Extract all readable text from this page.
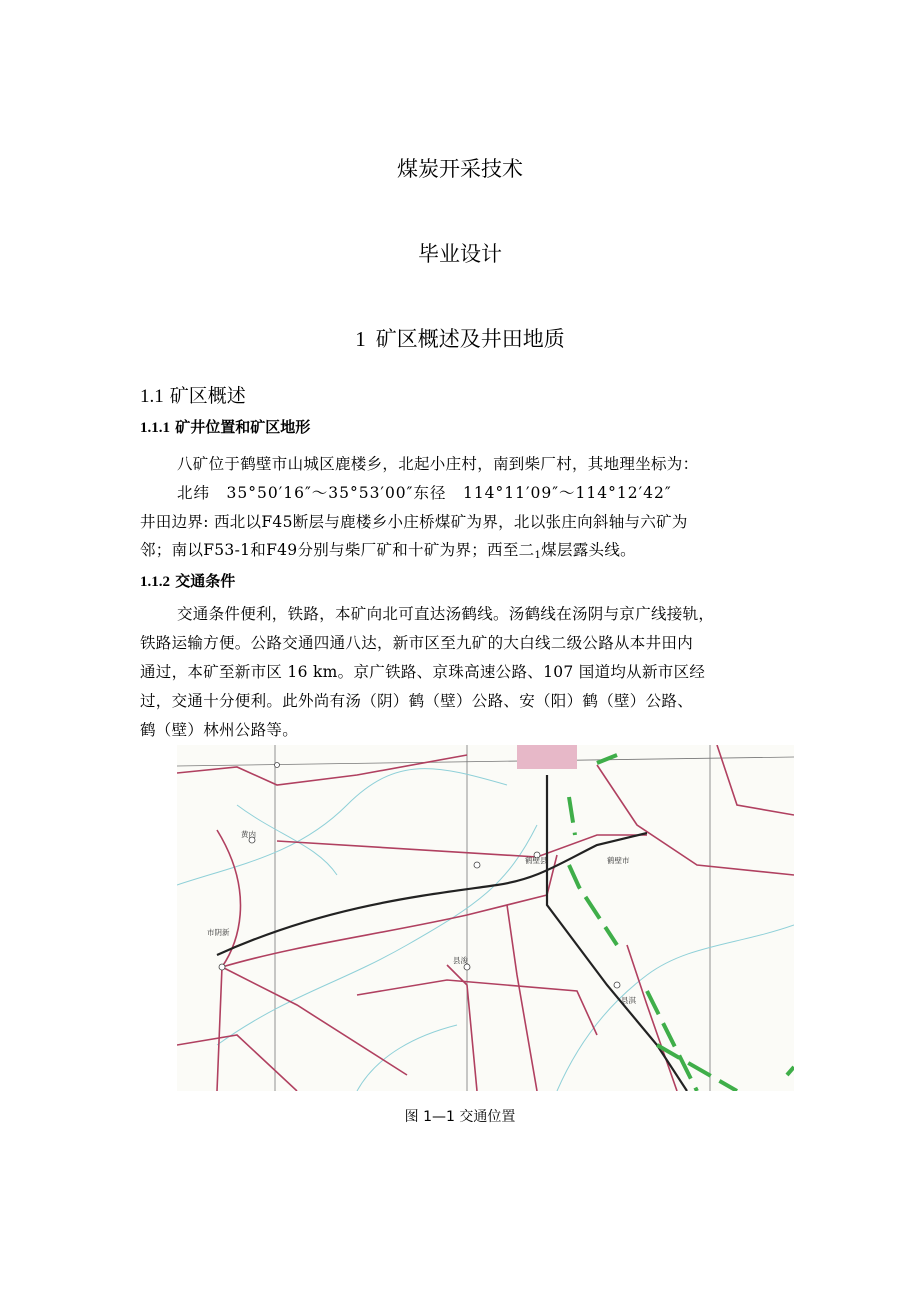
煤炭开采技术
毕业设计
1 矿区概述及井田地质
1.1 矿区概述
1.1.1 矿井位置和矿区地形
八矿位于鹤壁市山城区鹿楼乡，北起小庄村，南到柴厂村，其地理坐标为：
北纬　35°50′16″～35°53′00″东径　114°11′09″～114°12′42″
井田边界: 西北以F45断层与鹿楼乡小庄桥煤矿为界，北以张庄向斜轴与六矿为
邻；南以F53-1和F49分别与柴厂矿和十矿为界；西至二$_1$煤层露头线。
1.1.2 交通条件
交通条件便利，铁路，本矿向北可直达汤鹤线。汤鹤线在汤阴与京广线接轨，
铁路运输方便。公路交通四通八达，新市区至九矿的大白线二级公路从本井田内
通过，本矿至新市区 16 km。京广铁路、京珠高速公路、107 国道均从新市区经
过，交通十分便利。此外尚有汤（阴）鹤（壁）公路、安（阳）鹤（壁）公路、
鹤（壁）林州公路等。
黄内
市阴新
鹤壁市
鹤壁县
县浚
县淇
图 1—1 交通位置
